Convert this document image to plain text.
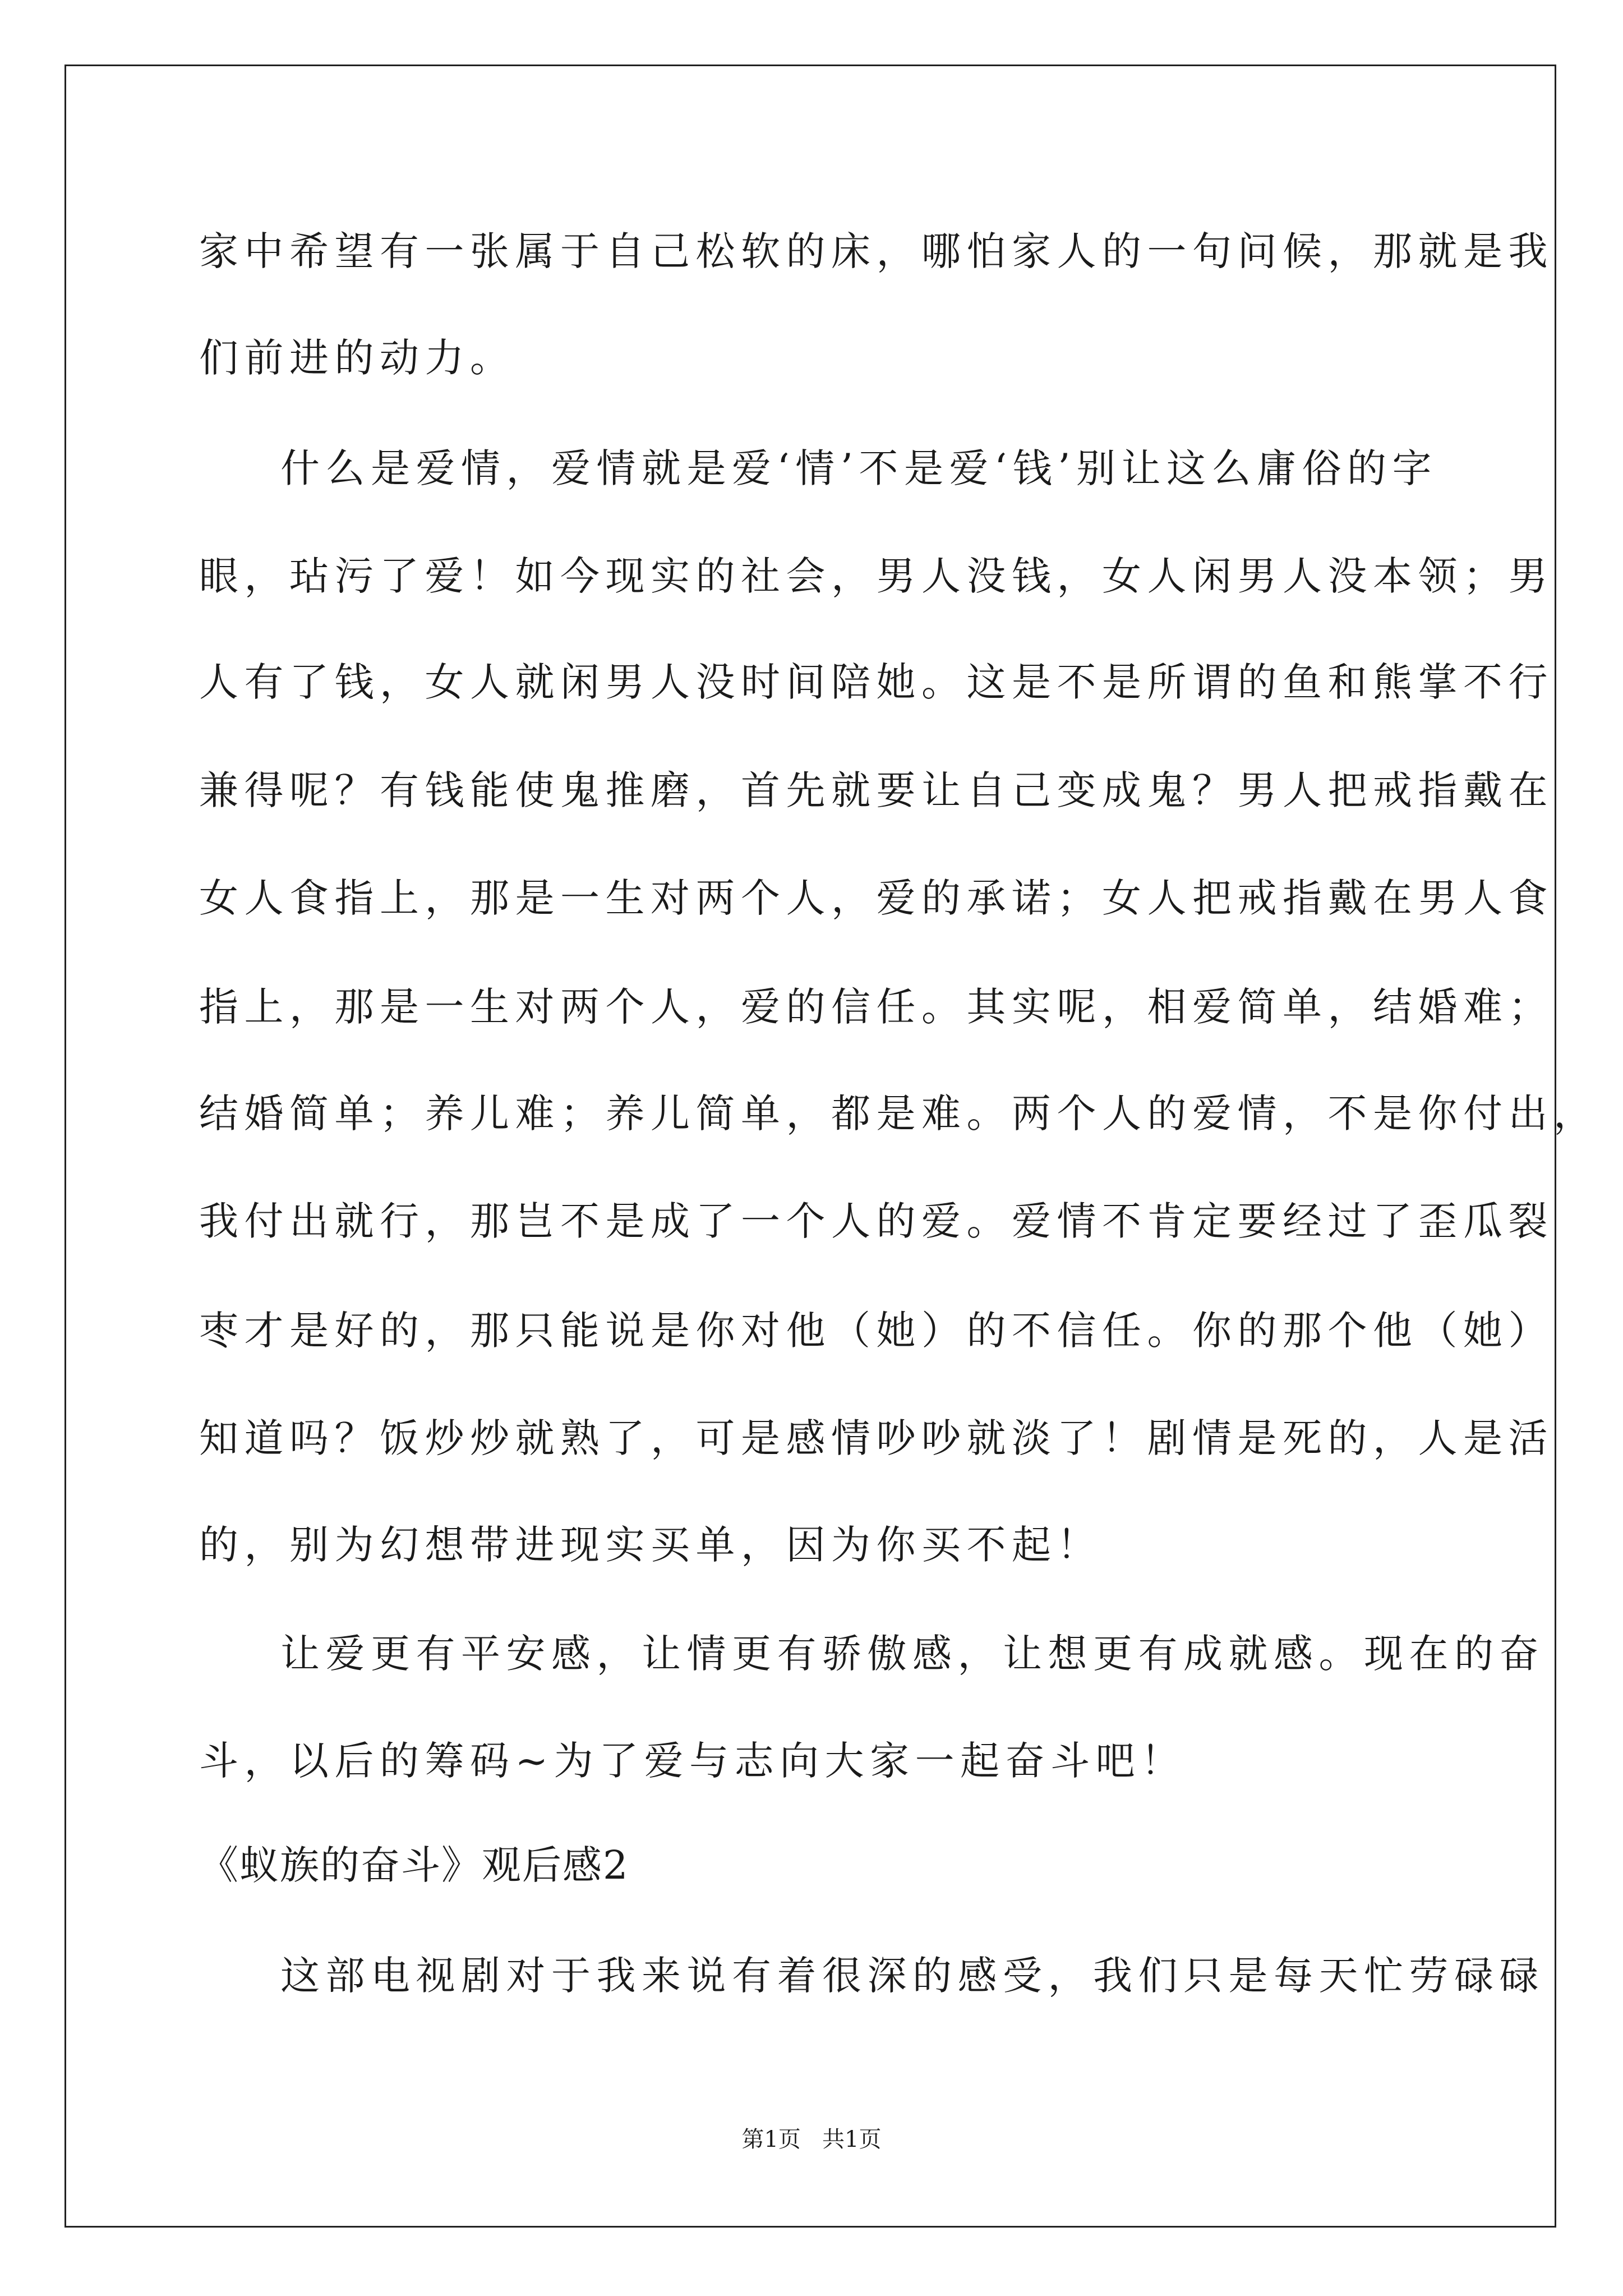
家中希望有一张属于自己松软的床，哪怕家人的一句问候，那就是我
们前进的动力。
什么是爱情，爱情就是爱‘情’不是爱‘钱’别让这么庸俗的字
眼，玷污了爱！如今现实的社会，男人没钱，女人闲男人没本领；男
人有了钱，女人就闲男人没时间陪她。这是不是所谓的鱼和熊掌不行
兼得呢？有钱能使鬼推磨，首先就要让自己变成鬼？男人把戒指戴在
女人食指上，那是一生对两个人，爱的承诺；女人把戒指戴在男人食
指上，那是一生对两个人，爱的信任。其实呢，相爱简单，结婚难；
结婚简单；养儿难；养儿简单，都是难。两个人的爱情，不是你付出，
我付出就行，那岂不是成了一个人的爱。爱情不肯定要经过了歪瓜裂
枣才是好的，那只能说是你对他（她）的不信任。你的那个他（她）
知道吗？饭炒炒就熟了，可是感情吵吵就淡了！剧情是死的，人是活
的，别为幻想带进现实买单，因为你买不起！
让爱更有平安感，让情更有骄傲感，让想更有成就感。现在的奋
斗，以后的筹码~为了爱与志向大家一起奋斗吧！
《蚁族的奋斗》观后感2
这部电视剧对于我来说有着很深的感受，我们只是每天忙劳碌碌
第1页   共1页
